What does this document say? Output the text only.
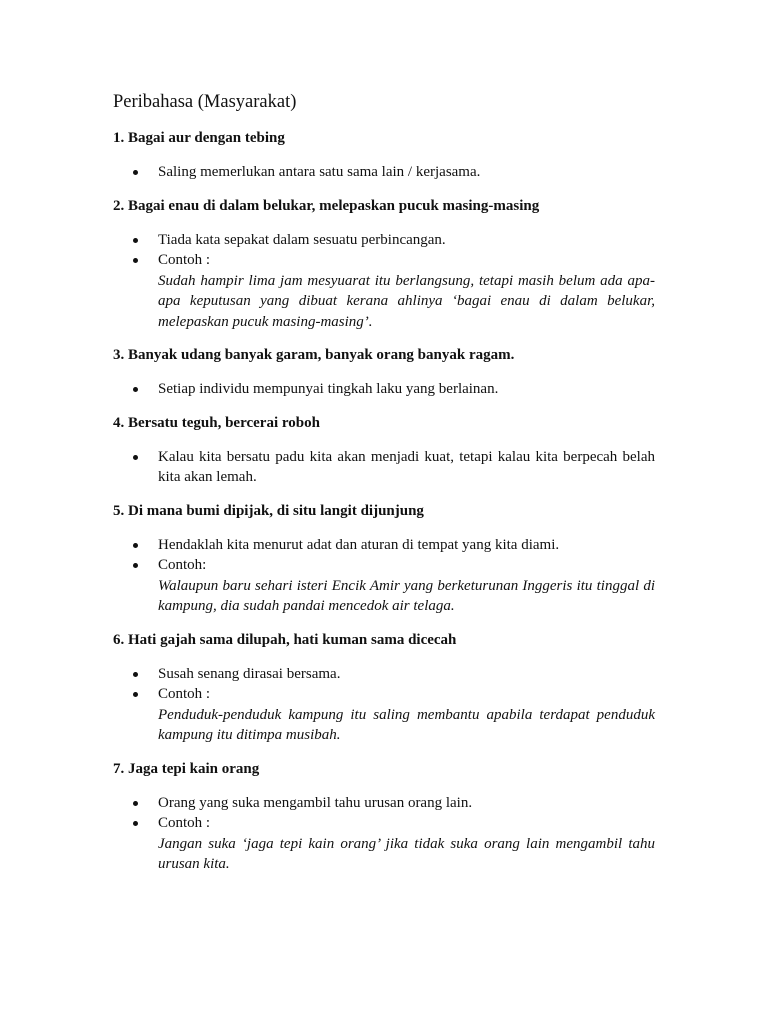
Peribahasa (Masyarakat)
1. Bagai aur dengan tebing
Saling memerlukan antara satu sama lain / kerjasama.
2. Bagai enau di dalam belukar, melepaskan pucuk masing-masing
Tiada kata sepakat dalam sesuatu perbincangan.
Contoh :
Sudah hampir lima jam mesyuarat itu berlangsung, tetapi masih belum ada apa-apa keputusan yang dibuat kerana ahlinya ‘bagai enau di dalam belukar, melepaskan pucuk masing-masing’.
3. Banyak udang banyak garam, banyak orang banyak ragam.
Setiap individu mempunyai tingkah laku yang berlainan.
4. Bersatu teguh, bercerai roboh
Kalau kita bersatu padu kita akan menjadi kuat, tetapi kalau kita berpecah belah kita akan lemah.
5. Di mana bumi dipijak, di situ langit dijunjung
Hendaklah kita menurut adat dan aturan di tempat yang kita diami.
Contoh:
Walaupun baru sehari isteri Encik Amir yang berketurunan Inggeris itu tinggal di kampung, dia sudah pandai mencedok air telaga.
6. Hati gajah sama dilupah, hati kuman sama dicecah
Susah senang dirasai bersama.
Contoh :
Penduduk-penduduk kampung itu saling membantu apabila terdapat penduduk kampung itu ditimpa musibah.
7. Jaga tepi kain orang
Orang yang suka mengambil tahu urusan orang lain.
Contoh :
Jangan suka ‘jaga tepi kain orang’ jika tidak suka orang lain mengambil tahu urusan kita.
